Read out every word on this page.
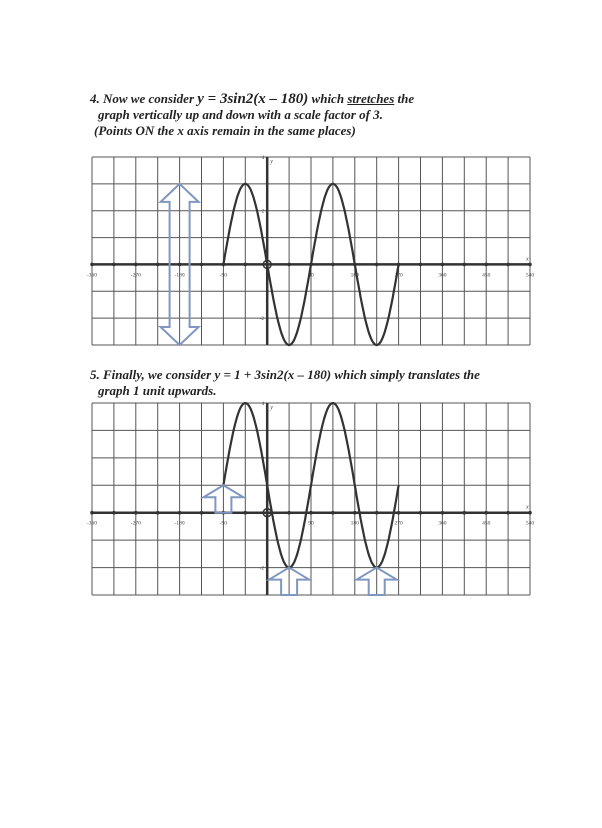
4. Now we consider y = 3sin2(x – 180) which stretches the
graph vertically up and down with a scale factor of 3.
(Points ON the x axis remain in the same places)
5. Finally, we consider y = 1 + 3sin2(x – 180) which simply translates the
graph 1 unit upwards.
-360	-270	-180	-90	90	180	270	360	450	540
2
-2
4
x
y
-360	-270	-180	-90	90	180	270	360	450	540
2
-2
4
x
y
